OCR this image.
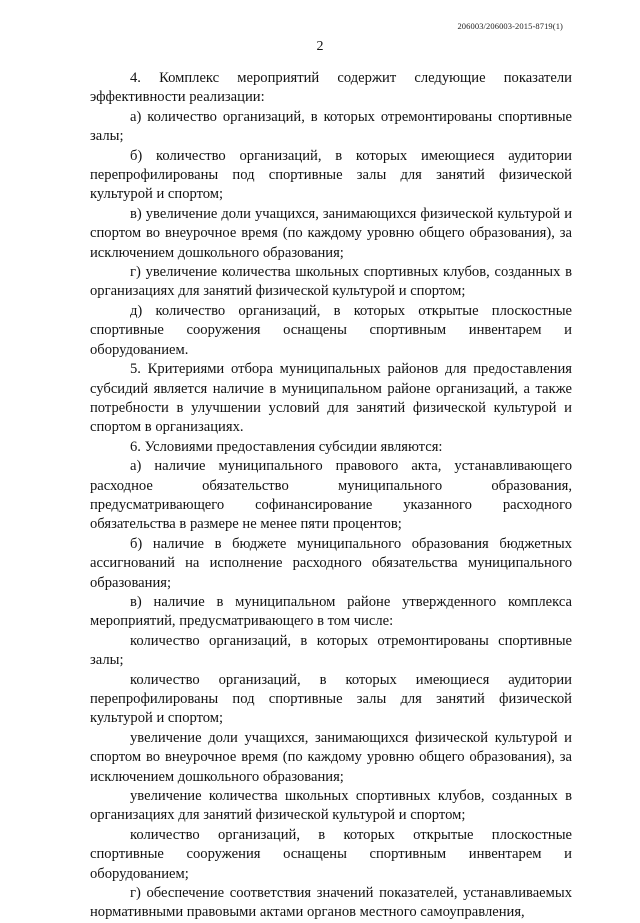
206003/206003-2015-8719(1)
2

4. Комплекс мероприятий содержит следующие показатели эффективности реализации:

а) количество организаций, в которых отремонтированы спортивные залы;

б) количество организаций, в которых имеющиеся аудитории перепрофилированы под спортивные залы для занятий физической культурой и спортом;

в) увеличение доли учащихся, занимающихся физической культурой и спортом во внеурочное время (по каждому уровню общего образования), за исключением дошкольного образования;

г) увеличение количества школьных спортивных клубов, созданных в организациях для занятий физической культурой и спортом;

д) количество организаций, в которых открытые плоскостные спортивные сооружения оснащены спортивным инвентарем и оборудованием.

5. Критериями отбора муниципальных районов для предоставления субсидий является наличие в муниципальном районе организаций, а также потребности в улучшении условий для занятий физической культурой и спортом в организациях.

6. Условиями предоставления субсидии являются:

а) наличие муниципального правового акта, устанавливающего расходное обязательство муниципального образования, предусматривающего софинансирование указанного расходного обязательства в размере не менее пяти процентов;

б) наличие в бюджете муниципального образования бюджетных ассигнований на исполнение расходного обязательства муниципального образования;

в) наличие в муниципальном районе утвержденного комплекса мероприятий, предусматривающего в том числе:

количество организаций, в которых отремонтированы спортивные залы;

количество организаций, в которых имеющиеся аудитории перепрофилированы под спортивные залы для занятий физической культурой и спортом;

увеличение доли учащихся, занимающихся физической культурой и спортом во внеурочное время (по каждому уровню общего образования), за исключением дошкольного образования;

увеличение количества школьных спортивных клубов, созданных в организациях для занятий физической культурой и спортом;

количество организаций, в которых открытые плоскостные спортивные сооружения оснащены спортивным инвентарем и оборудованием;

г) обеспечение соответствия значений показателей, устанавливаемых нормативными правовыми актами органов местного самоуправления,
